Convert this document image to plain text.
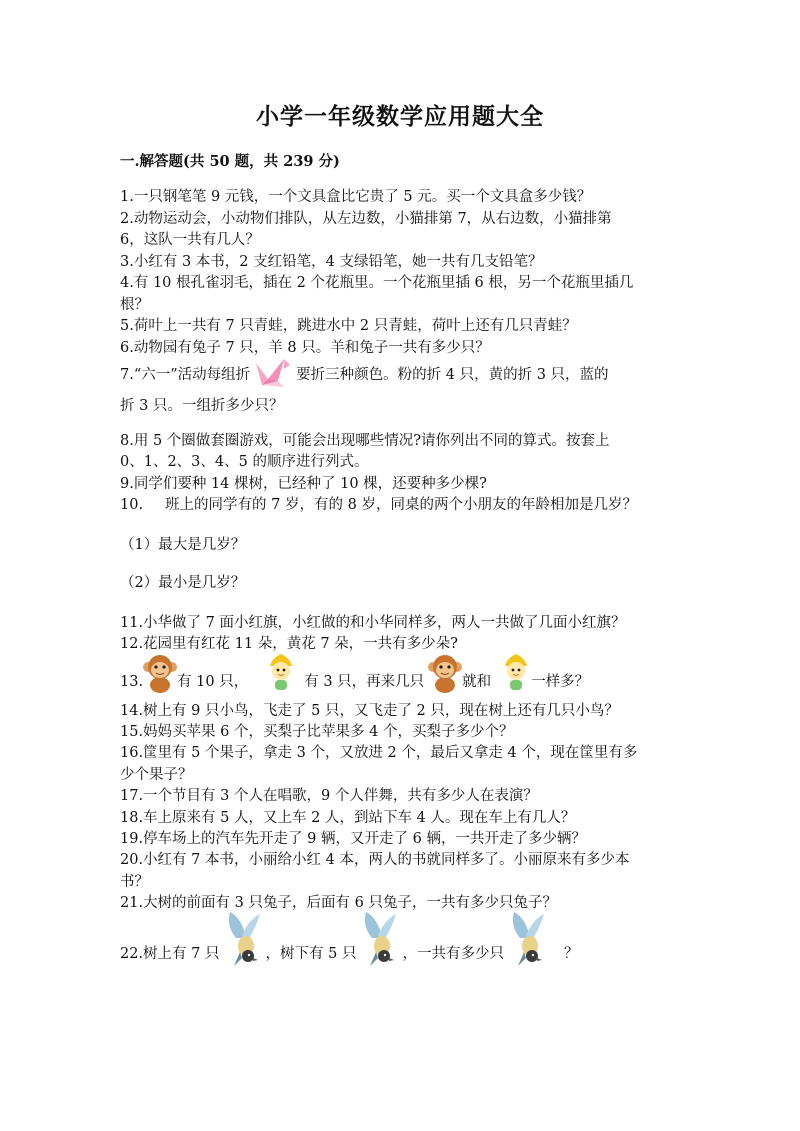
小学一年级数学应用题大全
一.解答题(共 50 题，共 239 分)
1.一只钢笔笔 9 元钱，一个文具盒比它贵了 5 元。买一个文具盒多少钱？
2.动物运动会，小动物们排队，从左边数，小猫排第 7，从右边数，小猫排第
6，这队一共有几人？
3.小红有 3 本书，2 支红铅笔，4 支绿铅笔，她一共有几支铅笔？
4.有 10 根孔雀羽毛，插在 2 个花瓶里。一个花瓶里插 6 根，另一个花瓶里插几
根？
5.荷叶上一共有 7 只青蛙，跳进水中 2 只青蛙，荷叶上还有几只青蛙？
6.动物园有兔子 7 只，羊 8 只。羊和兔子一共有多少只？
7.“六一”活动每组折	要折三种颜色。粉的折 4 只，黄的折 3 只，蓝的
折 3 只。一组折多少只？
8.用 5 个圈做套圈游戏，可能会出现哪些情况?请你列出不同的算式。按套上
0、1、2、3、4、5 的顺序进行列式。
9.同学们要种 14 棵树，已经种了 10 棵，还要种多少棵?
10. 班上的同学有的 7 岁，有的 8 岁，同桌的两个小朋友的年龄相加是几岁？
（1）最大是几岁？
（2）最小是几岁？
11.小华做了 7 面小红旗，小红做的和小华同样多，两人一共做了几面小红旗？
12.花园里有红花 11 朵，黄花 7 朵，一共有多少朵?
13. 有 10 只，	有 3 只，再来几只	就和	一样多？
14.树上有 9 只小鸟，飞走了 5 只，又飞走了 2 只，现在树上还有几只小鸟？
15.妈妈买苹果 6 个，买梨子比苹果多 4 个，买梨子多少个？
16.筐里有 5 个果子，拿走 3 个，又放进 2 个，最后又拿走 4 个，现在筐里有多
少个果子？
17.一个节目有 3 个人在唱歌，9 个人伴舞，共有多少人在表演？
18.车上原来有 5 人，又上车 2 人，到站下车 4 人。现在车上有几人？
19.停车场上的汽车先开走了 9 辆，又开走了 6 辆，一共开走了多少辆？
20.小红有 7 本书，小丽给小红 4 本，两人的书就同样多了。小丽原来有多少本
书？
21.大树的前面有 3 只兔子，后面有 6 只兔子，一共有多少只兔子？
22.树上有 7 只	，树下有 5 只	，一共有多少只	？
